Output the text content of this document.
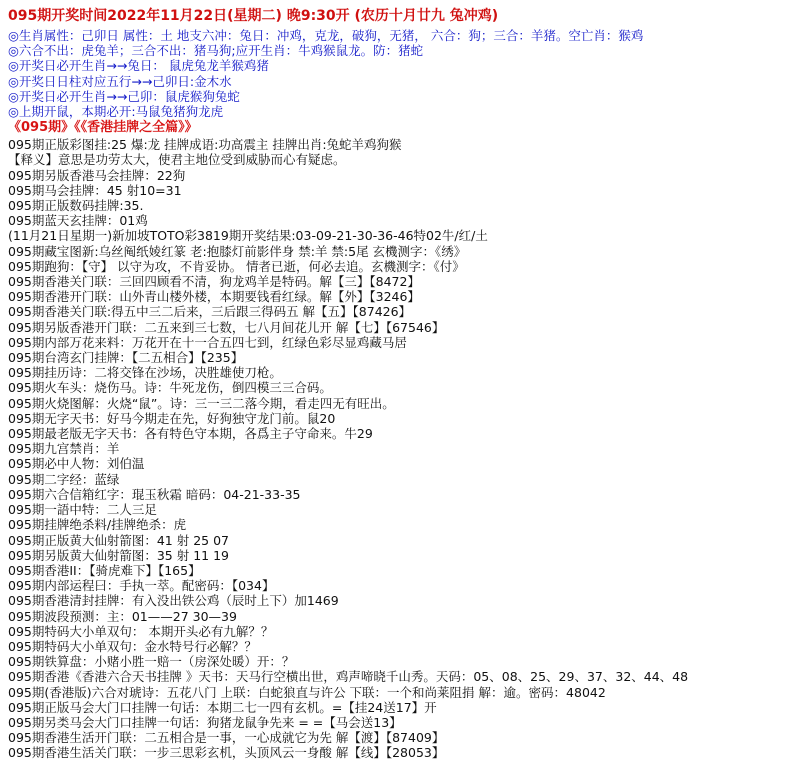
095期开奖时间2022年11月22日(星期二) 晚9:30开 (农历十月廿九 兔冲鸡)
◎生肖属性：己卯日 属性：土 地支六冲：兔日：冲鸡，克龙，破狗，无猪， 六合：狗；三合：羊猪。空亡肖：猴鸡
◎六合不出：虎兔羊；三合不出：猪马狗;应开生肖：牛鸡猴鼠龙。防：猪蛇
◎开奖日必开生肖→→兔日： 鼠虎兔龙羊猴鸡猪
◎开奖日日柱对应五行→→己卯日:金木水
◎开奖日必开生肖→→己卯：鼠虎猴狗兔蛇
◎上期开鼠，本期必开:马鼠兔猪狗龙虎
《095期》《《香港挂牌之全篇》》
095期正版彩图挂:25 爆:龙 挂牌成语:功高震主 挂牌出肖:兔蛇羊鸡狗猴
【释义】意思是功劳太大，使君主地位受到威胁而心有疑虑。
095期另版香港马会挂牌：22狗
095期马会挂牌：45 射10=31
095期正版数码挂牌:35.
095期蓝天玄挂牌：01鸡
(11月21日星期一)新加坡TOTO彩3819期开奖结果:03-09-21-30-36-46特02牛/红/土
095期藏宝图新:乌丝阄纸婈红篆 老:抱膝灯前影伴身 禁:羊 禁:5尾 玄機测字：《绣》
095期跑狗：【守】 以守为攻，不肯妥协。 情者已逝，何必去追。玄機测字：《付》
095期香港关门联：三回四顾看不清，狗龙鸡羊是特码。解【三】【8472】
095期香港开门联：山外青山楼外楼，本期要钱看红绿。解【外】【3246】
095期香港关门联:得五中三二后来，三后跟三得码五 解【五】【87426】
095期另版香港开门联：二五来到三七数，七八月间花儿开 解【七】【67546】
095期内部万花来料：万花开在十一合五四七到，红绿色彩尽显鸡藏马居
095期台湾玄门挂牌：【二五相合】【235】
095期挂历诗：二将交锋在沙场，决胜雄使刀枪。
095期火车头：烧伤马。诗：牛死龙伤，倒四模三三合码。
095期火烧图解：火烧“鼠”。诗：三一三二落今期，看走四无有旺出。
095期无字天书：好马今期走在先，好狗独守龙门前。鼠20
095期最老版无字天书：各有特色守本期，各爲主子守命来。牛29
095期九宫禁肖：羊
095期必中人物：刘伯温
095期二字经：蓝绿
095期六合信箱红字：琨玉秋霜 暗码：04-21-33-35
095期一語中特：二人三足
095期挂牌绝杀料/挂牌绝杀：虎
095期正版黄大仙射箭图：41 射 25 07
095期另版黄大仙射箭图：35 射 11 19
095期香港II：【骑虎难下】【165】
095期内部运程曰：手执一萃。配密码：【034】
095期香港清封挂牌：有入没出铁公鸡（辰时上下）加1469
095期波段预测：主：01——27 30—39
095期特码大小单双句： 本期开头必有九解？？
095期特码大小单双句：金水特号行必解？？
095期铁算盘：小赌小胜一赔一（房深处暖）开：？
095期香港《香港六合天书挂牌 》天书：天马行空横出世，鸡声啼晓千山秀。天码：05、08、25、29、37、32、44、48
095期(香港版)六合对琥诗：五花八门 上联：白蛇狼直与许公 下联：一个和尚莱阻捐 解：逾。密码：48042
095期正版马会大门口挂牌一句话：本期二七一四有玄机。=【挂24送17】开
095期另类马会大门口挂牌一句话：狗猪龙鼠争先来 = =【马会送13】
095期香港生活开门联：二五相合是一事，一心成就它为先 解【渡】【87409】
095期香港生活关门联：一步三思彩玄机，头顶风云一身酸 解【线】【28053】
